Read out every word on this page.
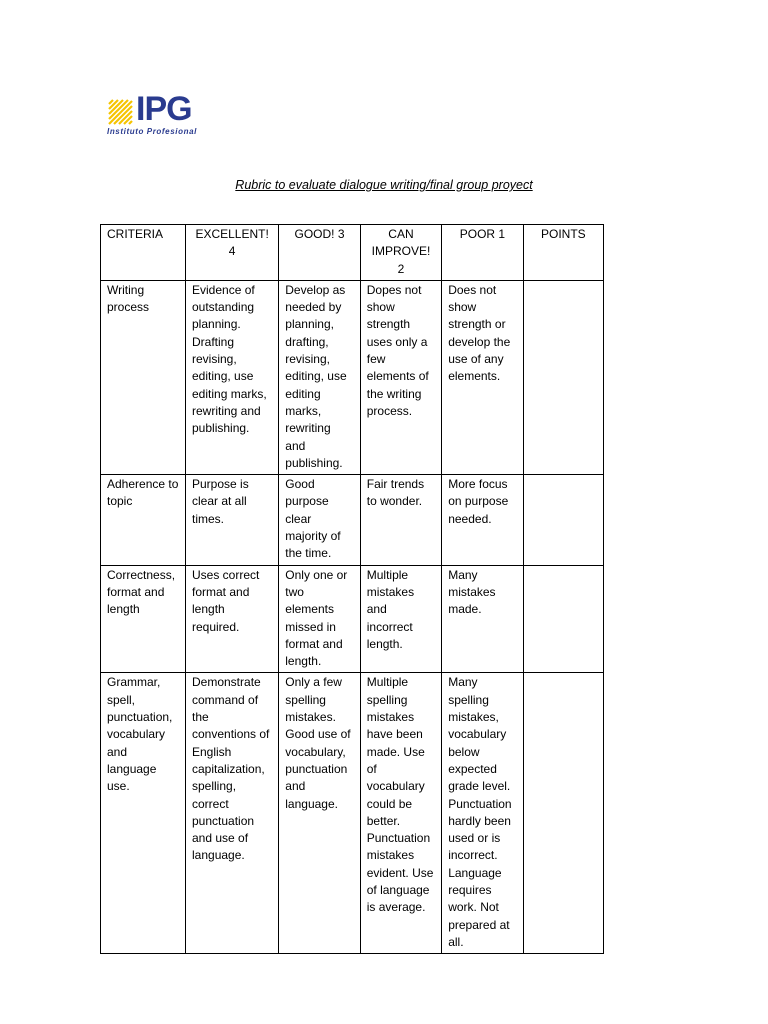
IPG
Instituto Profesional
Rubric to evaluate dialogue writing/final group proyect
CRITERIA	EXCELLENT! 4	GOOD! 3	CAN IMPROVE! 2	POOR 1	POINTS
Writing process	Evidence of outstanding planning. Drafting revising, editing, use editing marks, rewriting and publishing.	Develop as needed by planning, drafting, revising, editing, use editing marks, rewriting and publishing.	Dopes not show strength uses only a few elements of the writing process.	Does not show strength or develop the use of any elements.	
Adherence to topic	Purpose is clear at all times.	Good purpose clear majority of the time.	Fair trends to wonder.	More focus on purpose needed.	
Correctness, format and length	Uses correct format and length required.	Only one or two elements missed in format and length.	Multiple mistakes and incorrect length.	Many mistakes made.	
Grammar, spell, punctuation, vocabulary and language use.	Demonstrate command of the conventions of English capitalization, spelling, correct punctuation and use of language.	Only a few spelling mistakes. Good use of vocabulary, punctuation and language.	Multiple spelling mistakes have been made. Use of vocabulary could be better. Punctuation mistakes evident. Use of language is average.	Many spelling mistakes, vocabulary below expected grade level. Punctuation hardly been used or is incorrect. Language requires work. Not prepared at all.	
